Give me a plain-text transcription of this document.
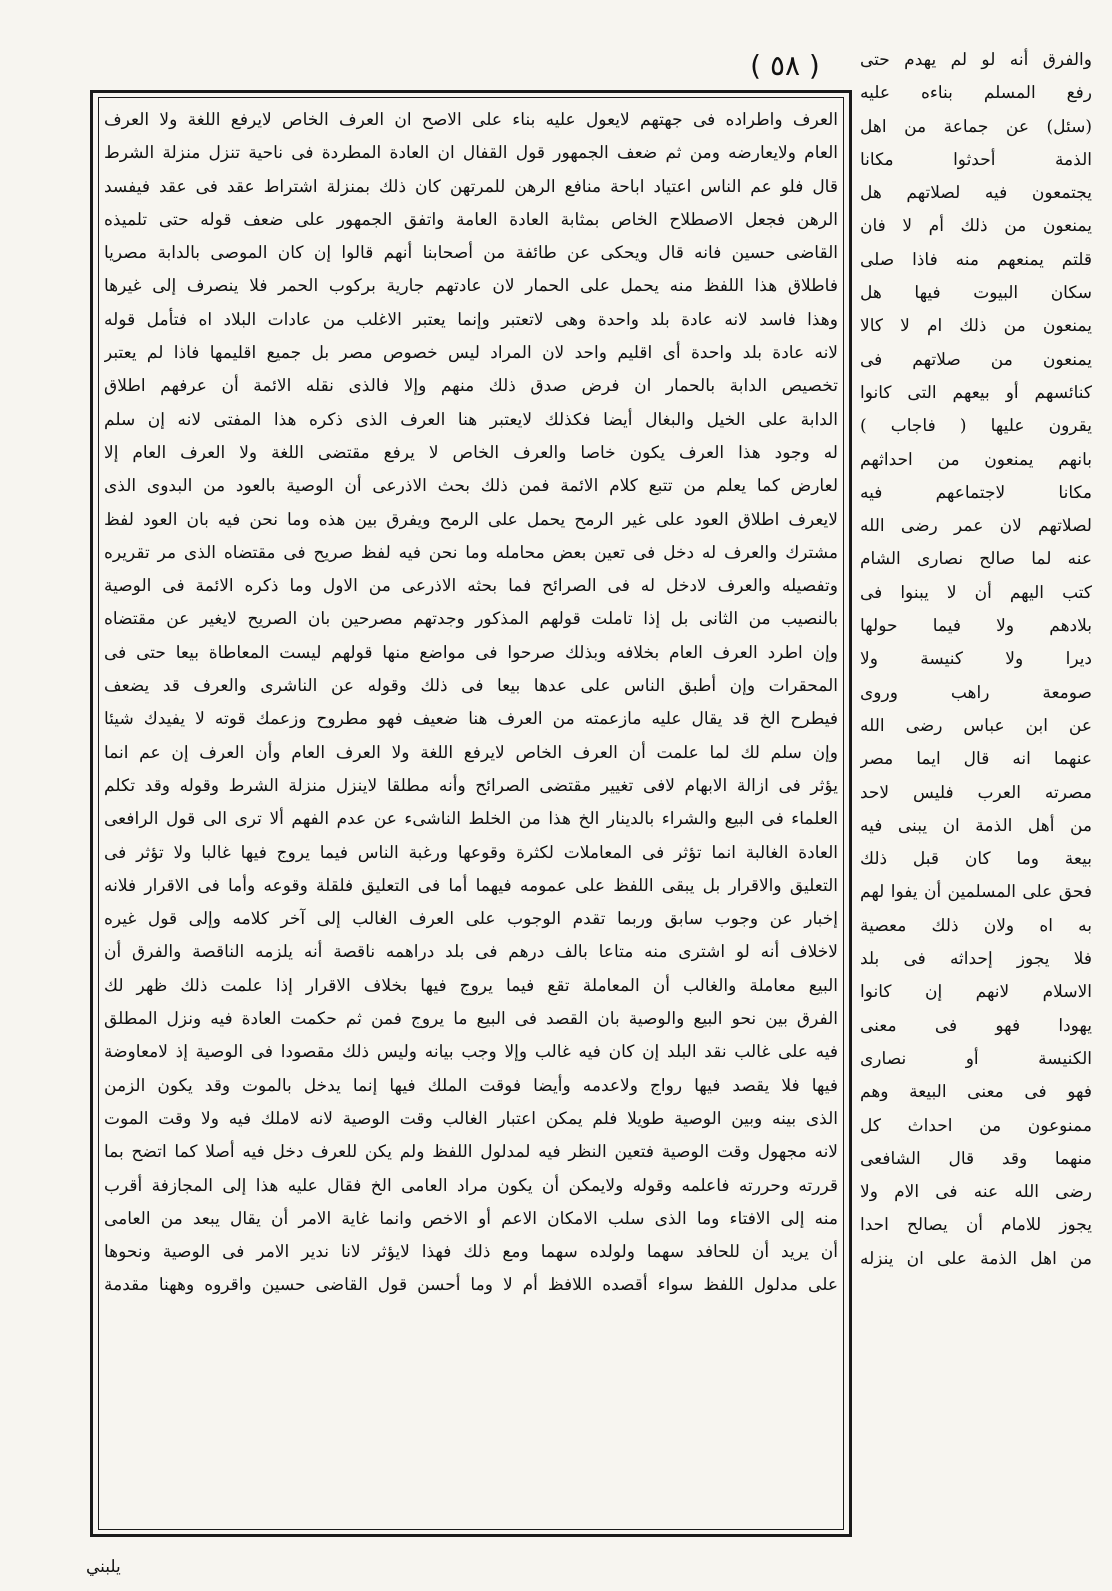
( ٥٨ )	والفرق أنه لو لم يهدم حتى
رفع المسلم بناءه عليه
(سئل) عن جماعة من اهل
الذمة أحدثوا مكانا
يجتمعون فيه لصلاتهم هل
يمنعون من ذلك أم لا فان
قلتم يمنعهم منه فاذا صلى
سكان البيوت فيها هل
يمنعون من ذلك ام لا كالا
يمنعون من صلاتهم فى
كنائسهم أو بيعهم التى كانوا
يقرون عليها ( فاجاب )
بانهم يمنعون من احداثهم
مكانا لاجتماعهم فيه
لصلاتهم لان عمر رضى الله
عنه لما صالح نصارى الشام
كتب اليهم أن لا يبنوا فى
بلادهم ولا فيما حولها
ديرا ولا كنيسة ولا
صومعة راهب وروى
عن ابن عباس رضى الله
عنهما انه قال ايما مصر
مصرته العرب فليس لاحد
من أهل الذمة ان يبنى فيه
بيعة وما كان قبل ذلك
فحق على المسلمين أن يفوا لهم
به اه ولان ذلك معصية
فلا يجوز إحداثه فى بلد
الاسلام لانهم إن كانوا
يهودا فهو فى معنى
الكنيسة أو نصارى
فهو فى معنى البيعة وهم
ممنوعون من احداث كل
منهما وقد قال الشافعى
رضى الله عنه فى الام ولا
يجوز للامام أن يصالح احدا
من اهل الذمة على ان ينزله
العرف واطراده فى جهتهم لايعول عليه بناء على الاصح ان العرف الخاص لايرفع اللغة ولا العرف
العام ولايعارضه ومن ثم ضعف الجمهور قول القفال ان العادة المطردة فى ناحية تنزل منزلة الشرط
قال فلو عم الناس اعتياد اباحة منافع الرهن للمرتهن كان ذلك بمنزلة اشتراط عقد فى عقد فيفسد
الرهن فجعل الاصطلاح الخاص بمثابة العادة العامة واتفق الجمهور على ضعف قوله حتى تلميذه
القاضى حسين فانه قال ويحكى عن طائفة من أصحابنا أنهم قالوا إن كان الموصى بالدابة مصريا
فاطلاق هذا اللفظ منه يحمل على الحمار لان عادتهم جارية بركوب الحمر فلا ينصرف إلى غيرها
وهذا فاسد لانه عادة بلد واحدة وهى لاتعتبر وإنما يعتبر الاغلب من عادات البلاد اه فتأمل قوله
لانه عادة بلد واحدة أى اقليم واحد لان المراد ليس خصوص مصر بل جميع اقليمها فاذا لم يعتبر
تخصيص الدابة بالحمار ان فرض صدق ذلك منهم وإلا فالذى نقله الائمة أن عرفهم اطلاق
الدابة على الخيل والبغال أيضا فكذلك لايعتبر هنا العرف الذى ذكره هذا المفتى لانه إن سلم
له وجود هذا العرف يكون خاصا والعرف الخاص لا يرفع مقتضى اللغة ولا العرف العام إلا
لعارض كما يعلم من تتبع كلام الائمة فمن ذلك بحث الاذرعى أن الوصية بالعود من البدوى الذى
لايعرف اطلاق العود على غير الرمح يحمل على الرمح ويفرق بين هذه وما نحن فيه بان العود لفظ
مشترك والعرف له دخل فى تعين بعض محامله وما نحن فيه لفظ صريح فى مقتضاه الذى مر تقريره
وتفصيله والعرف لادخل له فى الصرائح فما بحثه الاذرعى من الاول وما ذكره الائمة فى الوصية
بالنصيب من الثانى بل إذا تاملت قولهم المذكور وجدتهم مصرحين بان الصريح لايغير عن مقتضاه
وإن اطرد العرف العام بخلافه وبذلك صرحوا فى مواضع منها قولهم ليست المعاطاة بيعا حتى فى
المحقرات وإن أطبق الناس على عدها بيعا فى ذلك وقوله عن الناشرى والعرف قد يضعف
فيطرح الخ قد يقال عليه مازعمته من العرف هنا ضعيف فهو مطروح وزعمك قوته لا يفيدك شيئا
وإن سلم لك لما علمت أن العرف الخاص لايرفع اللغة ولا العرف العام وأن العرف إن عم انما
يؤثر فى ازالة الابهام لافى تغيير مقتضى الصرائح وأنه مطلقا لاينزل منزلة الشرط وقوله وقد تكلم
العلماء فى البيع والشراء بالدينار الخ هذا من الخلط الناشىء عن عدم الفهم ألا ترى الى قول الرافعى
العادة الغالبة انما تؤثر فى المعاملات لكثرة وقوعها ورغبة الناس فيما يروج فيها غالبا ولا تؤثر فى
التعليق والاقرار بل يبقى اللفظ على عمومه فيهما أما فى التعليق فلقلة وقوعه وأما فى الاقرار فلانه
إخبار عن وجوب سابق وربما تقدم الوجوب على العرف الغالب إلى آخر كلامه وإلى قول غيره
لاخلاف أنه لو اشترى منه متاعا بالف درهم فى بلد دراهمه ناقصة أنه يلزمه الناقصة والفرق أن
البيع معاملة والغالب أن المعاملة تقع فيما يروج فيها بخلاف الاقرار إذا علمت ذلك ظهر لك
الفرق بين نحو البيع والوصية بان القصد فى البيع ما يروج فمن ثم حكمت العادة فيه ونزل المطلق
فيه على غالب نقد البلد إن كان فيه غالب وإلا وجب بيانه وليس ذلك مقصودا فى الوصية إذ لامعاوضة
فيها فلا يقصد فيها رواج ولاعدمه وأيضا فوقت الملك فيها إنما يدخل بالموت وقد يكون الزمن
الذى بينه وبين الوصية طويلا فلم يمكن اعتبار الغالب وقت الوصية لانه لاملك فيه ولا وقت الموت
لانه مجهول وقت الوصية فتعين النظر فيه لمدلول اللفظ ولم يكن للعرف دخل فيه أصلا كما اتضح بما
قررته وحررته فاعلمه وقوله ولايمكن أن يكون مراد العامى الخ فقال عليه هذا إلى المجازفة أقرب
منه إلى الافتاء وما الذى سلب الامكان الاعم أو الاخص وانما غاية الامر أن يقال يبعد من العامى
أن يريد أن للحافد سهما ولولده سهما ومع ذلك فهذا لايؤثر لانا ندير الامر فى الوصية ونحوها
على مدلول اللفظ سواء أقصده اللافظ أم لا وما أحسن قول القاضى حسين واقروه وههنا مقدمة
يلبني
